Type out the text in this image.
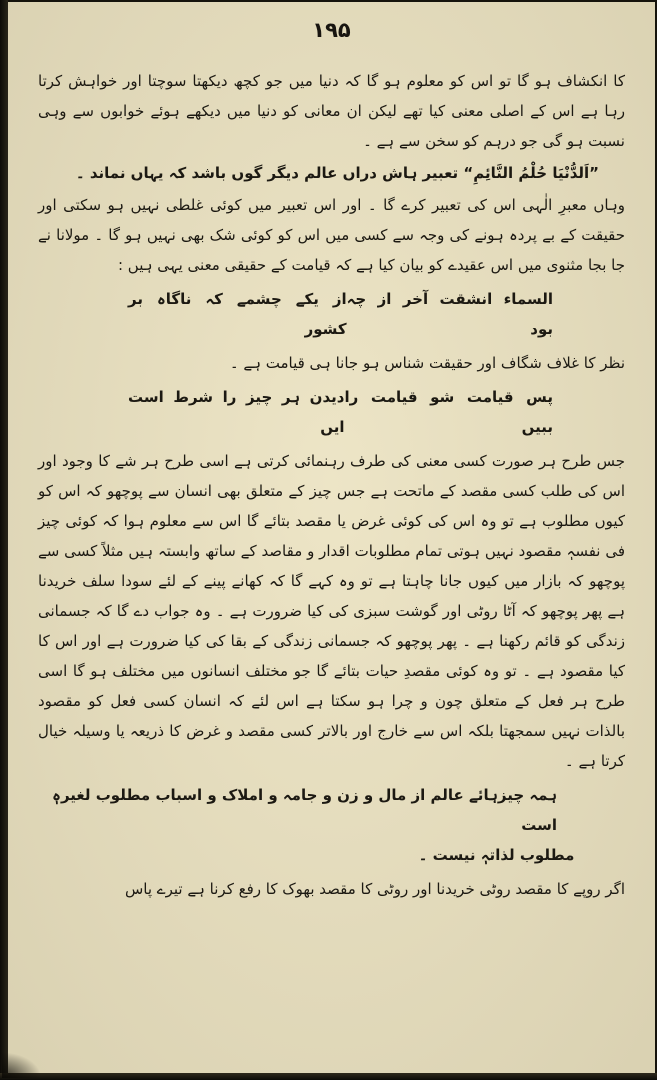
۱۹۵
کا انکشاف ہو گا تو اس کو معلوم ہو گا کہ دنیا میں جو کچھ دیکھتا سوچتا اور خواہش کرتا رہا ہے اس کے اصلی معنی کیا تھے لیکن ان معانی کو دنیا میں دیکھے ہوئے خوابوں سے وہی نسبت ہو گی جو درہم کو سخن سے ہے ۔
”اَلدُّنْیَا حُلْمُ النَّائِمِ“ تعبیر ہاش دراں عالم دیگر گوں باشد کہ یہاں نماند ۔
وہاں معبرِ الٰہی اس کی تعبیر کرے گا ۔ اور اس تعبیر میں کوئی غلطی نہیں ہو سکتی اور حقیقت کے بے پردہ ہونے کی وجہ سے کسی میں اس کو کوئی شک بھی نہیں ہو گا ۔ مولانا نے جا بجا مثنوی میں اس عقیدے کو بیان کیا ہے کہ قیامت کے حقیقی معنی یہی ہیں :
السماء انشقت آخر از چہ بود
از یکے چشمے کہ ناگاہ بر کشور
نظر کا غلاف شگاف اور حقیقت شناس ہو جانا ہی قیامت ہے ۔
پس قیامت شو قیامت را ببیں
دیدن ہر چیز را شرط است ایں
جس طرح ہر صورت کسی معنی کی طرف رہنمائی کرتی ہے اسی طرح ہر شے کا وجود اور اس کی طلب کسی مقصد کے ماتحت ہے جس چیز کے متعلق بھی انسان سے پوچھو کہ اس کو کیوں مطلوب ہے تو وہ اس کی کوئی غرض یا مقصد بتائے گا اس سے معلوم ہوا کہ کوئی چیز فی نفسہٖ مقصود نہیں ہوتی تمام مطلوبات اقدار و مقاصد کے ساتھ وابستہ ہیں مثلاً کسی سے پوچھو کہ بازار میں کیوں جانا چاہتا ہے تو وہ کہے گا کہ کھانے پینے کے لئے سودا سلف خریدنا ہے پھر پوچھو کہ آٹا روٹی اور گوشت سبزی کی کیا ضرورت ہے ۔ وہ جواب دے گا کہ جسمانی زندگی کو قائم رکھنا ہے ۔ پھر پوچھو کہ جسمانی زندگی کے بقا کی کیا ضرورت ہے اور اس کا کیا مقصود ہے ۔ تو وہ کوئی مقصدِ حیات بتائے گا جو مختلف انسانوں میں مختلف ہو گا اسی طرح ہر فعل کے متعلق چون و چرا ہو سکتا ہے اس لئے کہ انسان کسی فعل کو مقصود بالذات نہیں سمجھتا بلکہ اس سے خارج اور بالاتر کسی مقصد و غرض کا ذریعہ یا وسیلہ خیال کرتا ہے ۔
ہمہ چیزہائے عالم از مال و زن و جامہ و املاک و اسباب مطلوب لغیرہٖ است
مطلوب لذاتہٖ نیست ۔
اگر روپے کا مقصد روٹی خریدنا اور روٹی کا مقصد بھوک کا رفع کرنا ہے تیرے پاس
